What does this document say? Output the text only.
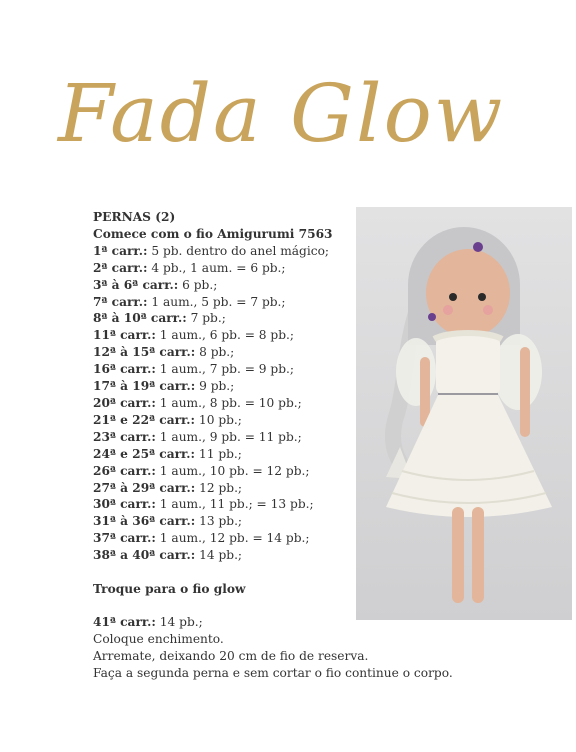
Fada Glow
PERNAS (2)
Comece com o fio Amigurumi 7563
1ª carr.: 5 pb. dentro do anel mágico;
2ª carr.: 4 pb., 1 aum. = 6 pb.;
3ª à 6ª carr.: 6 pb.;
7ª carr.: 1 aum., 5 pb. = 7 pb.;
8ª à 10ª carr.: 7 pb.;
11ª carr.: 1 aum., 6 pb. = 8 pb.;
12ª à 15ª carr.: 8 pb.;
16ª carr.: 1 aum., 7 pb. = 9 pb.;
17ª à 19ª carr.: 9 pb.;
20ª carr.: 1 aum., 8 pb. = 10 pb.;
21ª e 22ª carr.: 10 pb.;
23ª carr.: 1 aum., 9 pb. = 11 pb.;
24ª e 25ª carr.: 11 pb.;
26ª carr.: 1 aum., 10 pb. = 12 pb.;
27ª à 29ª carr.: 12 pb.;
30ª carr.: 1 aum., 11 pb.; = 13 pb.;
31ª à 36ª carr.: 13 pb.;
37ª carr.: 1 aum., 12 pb. = 14 pb.;
38ª a 40ª carr.: 14 pb.;
Troque para o fio glow
41ª carr.: 14 pb.;
Coloque enchimento.
Arremate, deixando 20 cm de fio de reserva.
Faça a segunda perna e sem cortar o fio continue o corpo.
